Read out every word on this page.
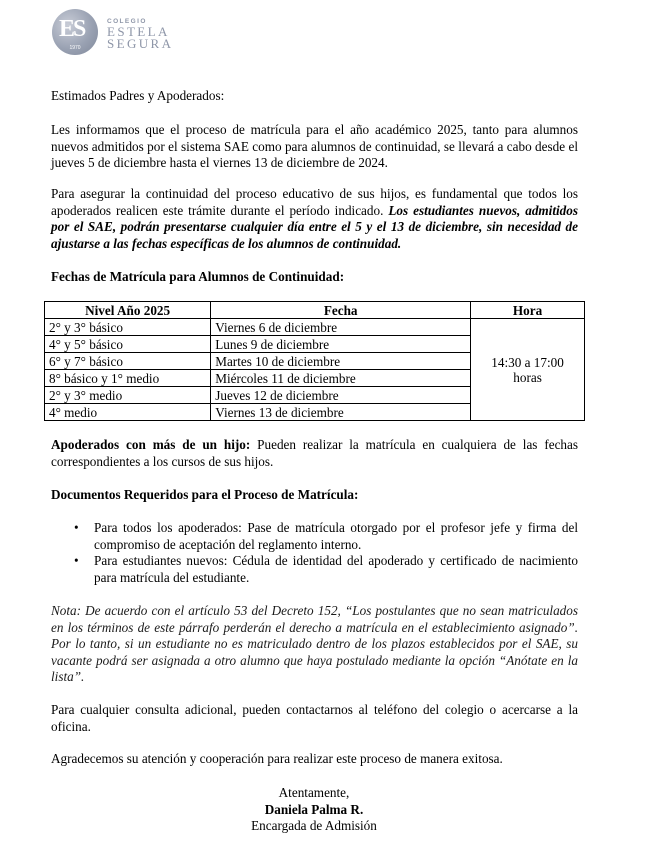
ES
1970
COLEGIO
ESTELA
SEGURA

Estimados Padres y Apoderados:

Les informamos que el proceso de matrícula para el año académico 2025, tanto para alumnos nuevos admitidos por el sistema SAE como para alumnos de continuidad, se llevará a cabo desde el jueves 5 de diciembre hasta el viernes 13 de diciembre de 2024.

Para asegurar la continuidad del proceso educativo de sus hijos, es fundamental que todos los apoderados realicen este trámite durante el período indicado. Los estudiantes nuevos, admitidos por el SAE, podrán presentarse cualquier día entre el 5 y el 13 de diciembre, sin necesidad de ajustarse a las fechas específicas de los alumnos de continuidad.

Fechas de Matrícula para Alumnos de Continuidad:

Nivel Año 2025	Fecha	Hora
2° y 3° básico	Viernes 6 de diciembre	14:30 a 17:00
horas

4° y 5° básico	Lunes 9 de diciembre	
6° y 7° básico	Martes 10 de diciembre	
8° básico y 1° medio	Miércoles 11 de diciembre	
2° y 3° medio	Jueves 12 de diciembre	
4° medio	Viernes 13 de diciembre	

Apoderados con más de un hijo: Pueden realizar la matrícula en cualquiera de las fechas correspondientes a los cursos de sus hijos.

Documentos Requeridos para el Proceso de Matrícula:

• Para todos los apoderados: Pase de matrícula otorgado por el profesor jefe y firma del compromiso de aceptación del reglamento interno.
• Para estudiantes nuevos: Cédula de identidad del apoderado y certificado de nacimiento para matrícula del estudiante.

Nota: De acuerdo con el artículo 53 del Decreto 152, “Los postulantes que no sean matriculados en los términos de este párrafo perderán el derecho a matrícula en el establecimiento asignado”. Por lo tanto, si un estudiante no es matriculado dentro de los plazos establecidos por el SAE, su vacante podrá ser asignada a otro alumno que haya postulado mediante la opción “Anótate en la lista”.

Para cualquier consulta adicional, pueden contactarnos al teléfono del colegio o acercarse a la oficina.

Agradecemos su atención y cooperación para realizar este proceso de manera exitosa.

Atentamente,
Daniela Palma R.
Encargada de Admisión
